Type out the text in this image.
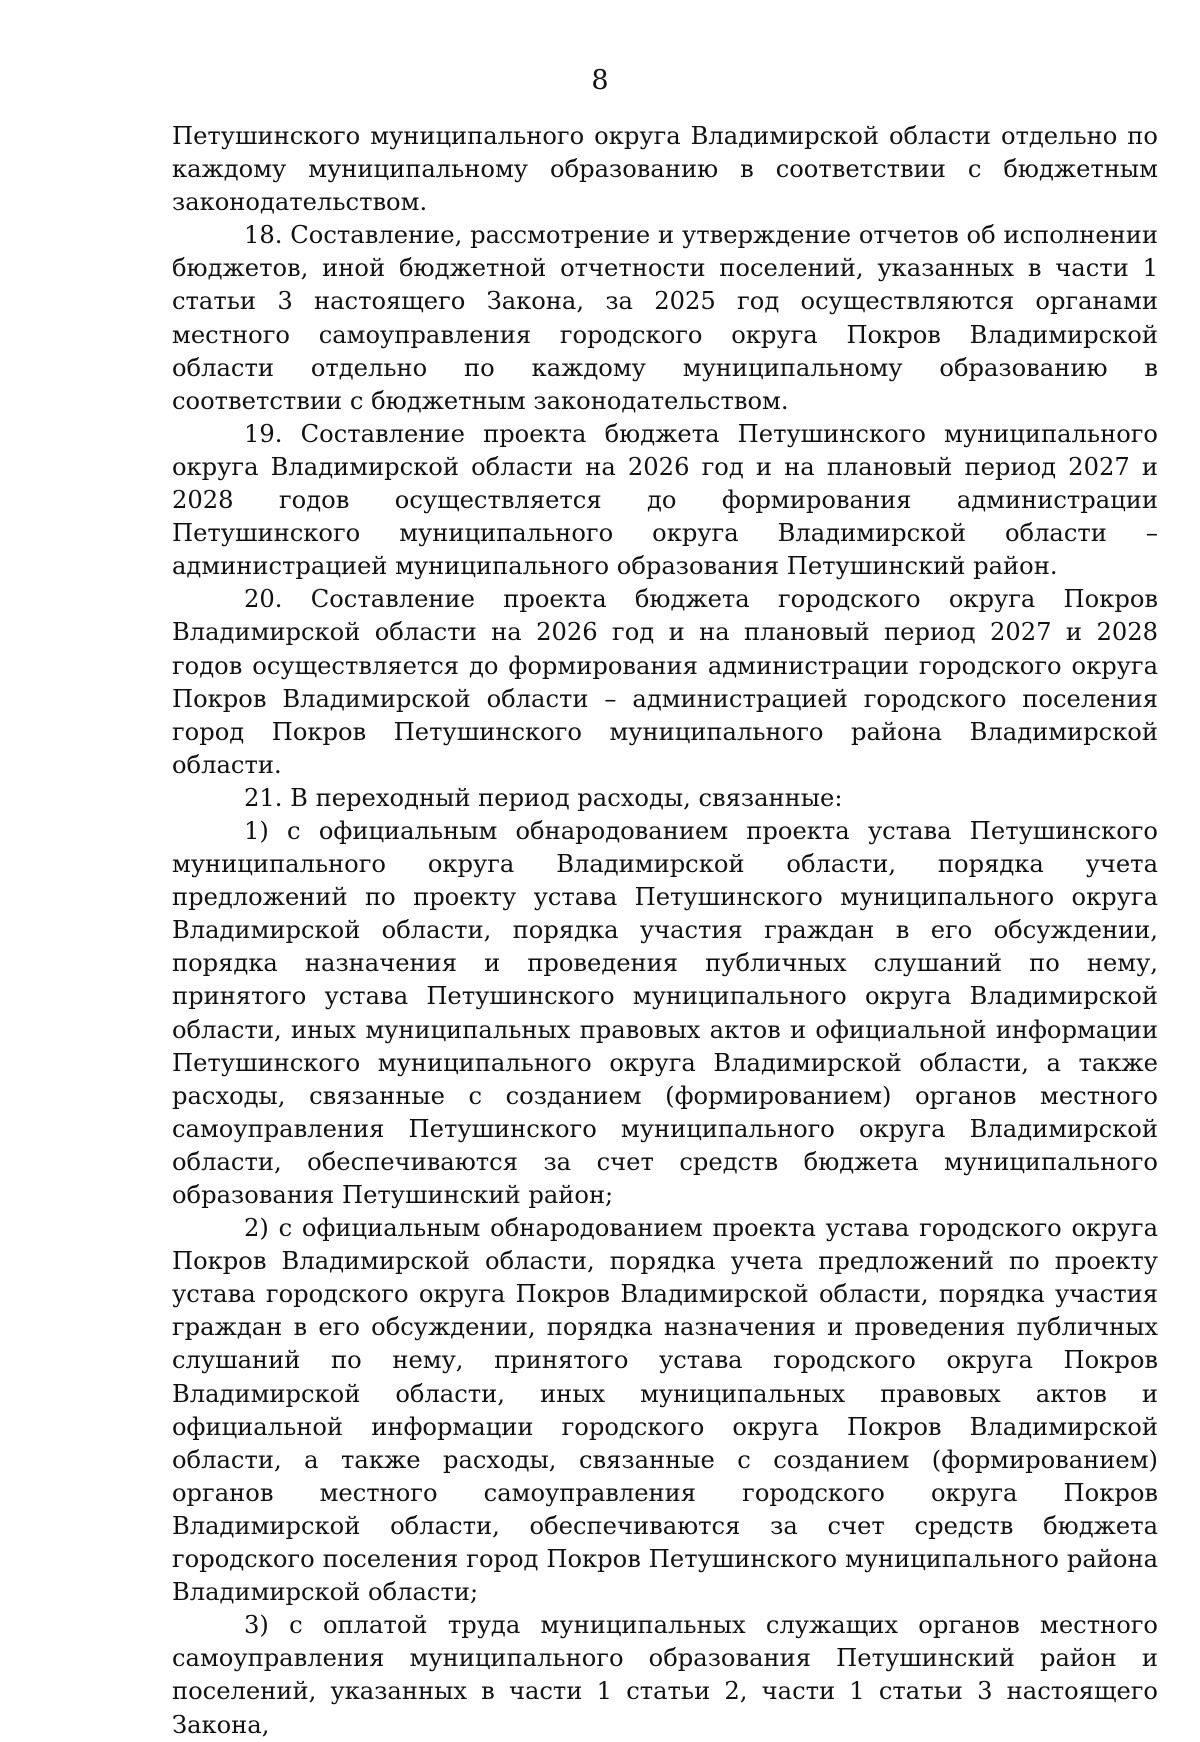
8

Петушинского муниципального округа Владимирской области отдельно по каждому муниципальному образованию в соответствии с бюджетным законодательством.

18. Составление, рассмотрение и утверждение отчетов об исполнении бюджетов, иной бюджетной отчетности поселений, указанных в части 1 статьи 3 настоящего Закона, за 2025 год осуществляются органами местного самоуправления городского округа Покров Владимирской области отдельно по каждому муниципальному образованию в соответствии с бюджетным законодательством.

19. Составление проекта бюджета Петушинского муниципального округа Владимирской области на 2026 год и на плановый период 2027 и 2028 годов осуществляется до формирования администрации Петушинского муниципального округа Владимирской области – администрацией муниципального образования Петушинский район.

20. Составление проекта бюджета городского округа Покров Владимирской области на 2026 год и на плановый период 2027 и 2028 годов осуществляется до формирования администрации городского округа Покров Владимирской области – администрацией городского поселения город Покров Петушинского муниципального района Владимирской области.

21. В переходный период расходы, связанные:

1) с официальным обнародованием проекта устава Петушинского муниципального округа Владимирской области, порядка учета предложений по проекту устава Петушинского муниципального округа Владимирской области, порядка участия граждан в его обсуждении, порядка назначения и проведения публичных слушаний по нему, принятого устава Петушинского муниципального округа Владимирской области, иных муниципальных правовых актов и официальной информации Петушинского муниципального округа Владимирской области, а также расходы, связанные с созданием (формированием) органов местного самоуправления Петушинского муниципального округа Владимирской области, обеспечиваются за счет средств бюджета муниципального образования Петушинский район;

2) с официальным обнародованием проекта устава городского округа Покров Владимирской области, порядка учета предложений по проекту устава городского округа Покров Владимирской области, порядка участия граждан в его обсуждении, порядка назначения и проведения публичных слушаний по нему, принятого устава городского округа Покров Владимирской области, иных муниципальных правовых актов и официальной информации городского округа Покров Владимирской области, а также расходы, связанные с созданием (формированием) органов местного самоуправления городского округа Покров Владимирской области, обеспечиваются за счет средств бюджета городского поселения город Покров Петушинского муниципального района Владимирской области;

3) с оплатой труда муниципальных служащих органов местного самоуправления муниципального образования Петушинский район и поселений, указанных в части 1 статьи 2, части 1 статьи 3 настоящего Закона,
